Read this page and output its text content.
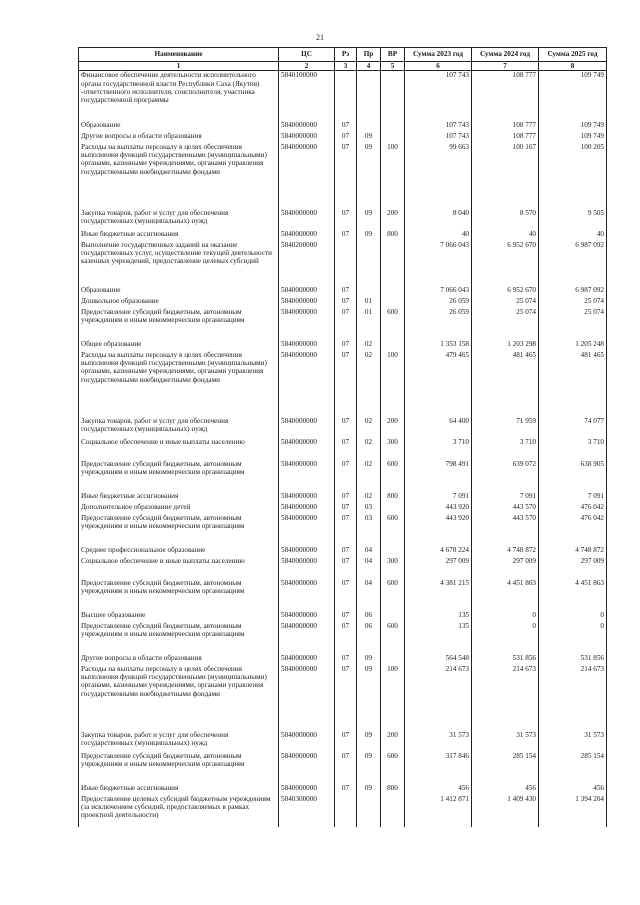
21
Наименование	ЦС	Рз	Пр	ВР	Сумма 2023 год	Сумма 2024 год	Сумма 2025 год
1	2	3	4	5	6	7	8
Финансовое обеспечение деятельности исполнительного органа государственной власти Республики Саха (Якутия) -ответственного исполнителя, соисполнителя, участника государственной программы	5840100000				107 743	108 777	109 749
Образование	5840000000	07			107 743	108 777	109 749
Другие вопросы в области образования	5840000000	07	09		107 743	108 777	109 749
Расходы на выплаты персоналу в целях обеспечения выполнения функций государственными (муниципальными) органами, казенными учреждениями, органами управления государственными внебюджетными фондами	5840000000	07	09	100	99 663	100 167	100 205
Закупка товаров, работ и услуг для обеспечения государственных (муниципальных) нужд	5840000000	07	09	200	8 040	8 570	9 505
Иные бюджетные ассигнования	5840000000	07	09	800	40	40	40
Выполнение государственных заданий на оказание государственных услуг, осуществление текущей деятельности казенных учреждений, предоставление целевых субсидий	5840200000				7 066 043	6 952 670	6 987 092
Образование	5840000000	07			7 066 043	6 952 670	6 987 092
Дошкольное образование	5840000000	07	01		26 059	25 074	25 074
Предоставление субсидий бюджетным, автономным учреждениям и иным некоммерческим организациям	5840000000	07	01	600	26 059	25 074	25 074
Общее образование	5840000000	07	02		1 353 158	1 203 298	1 205 248
Расходы на выплаты персоналу в целях обеспечения выполнения функций государственными (муниципальными) органами, казенными учреждениями, органами управления государственными внебюджетными фондами	5840000000	07	02	100	479 465	481 465	481 465
Закупка товаров, работ и услуг для обеспечения государственных (муниципальных) нужд	5840000000	07	02	200	64 400	71 959	74 077
Социальное обеспечение и иные выплаты населению	5840000000	07	02	300	3 710	3 710	3 710
Предоставление субсидий бюджетным, автономным учреждениям и иным некоммерческим организациям	5840000000	07	02	600	798 491	639 072	638 905
Иные бюджетные ассигнования	5840000000	07	02	800	7 091	7 091	7 091
Дополнительное образование детей	5840000000	07	03		443 920	443 570	476 042
Предоставление субсидий бюджетным, автономным учреждениям и иным некоммерческим организациям	5840000000	07	03	600	443 920	443 570	476 042
Среднее профессиональное образование	5840000000	07	04		4 678 224	4 748 872	4 748 872
Социальное обеспечение и иные выплаты населению	5840000000	07	04	300	297 009	297 009	297 009
Предоставление субсидий бюджетным, автономным учреждениям и иным некоммерческим организациям	5840000000	07	04	600	4 381 215	4 451 863	4 451 863
Высшее образование	5840000000	07	06		135	0	0
Предоставление субсидий бюджетным, автономным учреждениям и иным некоммерческим организациям	5840000000	07	06	600	135	0	0
Другие вопросы в области образования	5840000000	07	09		564 548	531 856	531 856
Расходы на выплаты персоналу в целях обеспечения выполнения функций государственными (муниципальными) органами, казенными учреждениями, органами управления государственными внебюджетными фондами	5840000000	07	09	100	214 673	214 673	214 673
Закупка товаров, работ и услуг для обеспечения государственных (муниципальных) нужд	5840000000	07	09	200	31 573	31 573	31 573
Предоставление субсидий бюджетным, автономным учреждениям и иным некоммерческим организациям	5840000000	07	09	600	317 846	285 154	285 154
Иные бюджетные ассигнования	5840000000	07	09	800	456	456	456
Предоставление целевых субсидий бюджетным учреждениям (за исключением субсидий, предоставляемых в рамках проектной деятельности)	5840300000				1 412 871	1 409 430	1 394 204
